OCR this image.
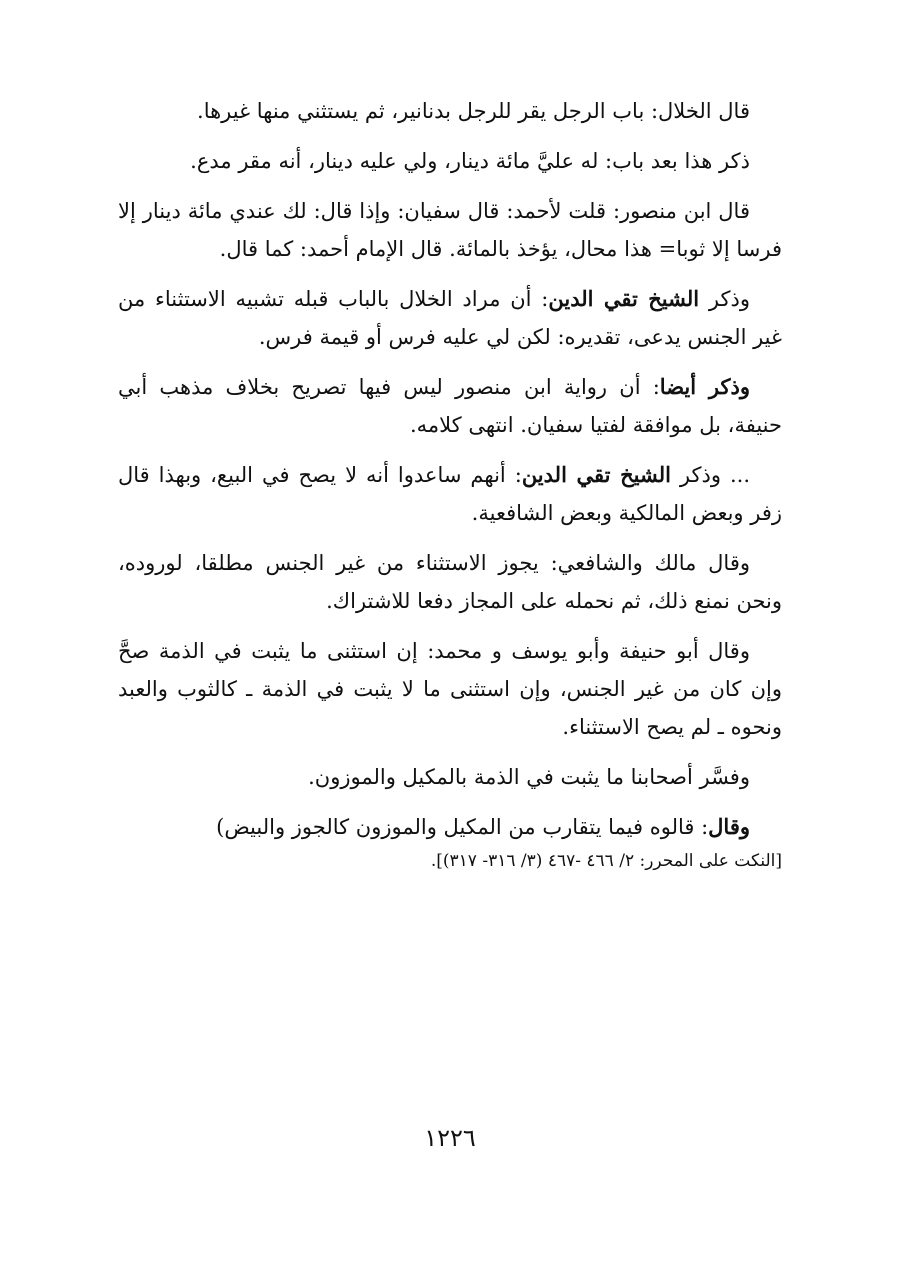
قال الخلال: باب الرجل يقر للرجل بدنانير، ثم يستثني منها غيرها.

ذكر هذا بعد باب: له عليَّ مائة دينار، ولي عليه دينار، أنه مقر مدع.

قال ابن منصور: قلت لأحمد: قال سفيان: وإذا قال: لك عندي مائة دينار إلا فرسا إلا ثوبا= هذا محال، يؤخذ بالمائة. قال الإمام أحمد: كما قال.

وذكر الشيخ تقي الدين: أن مراد الخلال بالباب قبله تشبيه الاستثناء من غير الجنس يدعى، تقديره: لكن لي عليه فرس أو قيمة فرس.

وذكر أيضا: أن رواية ابن منصور ليس فيها تصريح بخلاف مذهب أبي حنيفة، بل موافقة لفتيا سفيان. انتهى كلامه.

... وذكر الشيخ تقي الدين: أنهم ساعدوا أنه لا يصح في البيع، وبهذا قال زفر وبعض المالكية وبعض الشافعية.

وقال مالك والشافعي: يجوز الاستثناء من غير الجنس مطلقا، لوروده، ونحن نمنع ذلك، ثم نحمله على المجاز دفعا للاشتراك.

وقال أبو حنيفة وأبو يوسف و محمد: إن استثنى ما يثبت في الذمة صحَّ وإن كان من غير الجنس، وإن استثنى ما لا يثبت في الذمة ـ كالثوب والعبد ونحوه ـ لم يصح الاستثناء.

وفسَّر أصحابنا ما يثبت في الذمة بالمكيل والموزون.

وقال: قالوه فيما يتقارب من المكيل والموزون كالجوز والبيض)
[النكت على المحرر: ٢/ ٤٦٦ -٤٦٧ (٣/ ٣١٦- ٣١٧)].

١٢٢٦
